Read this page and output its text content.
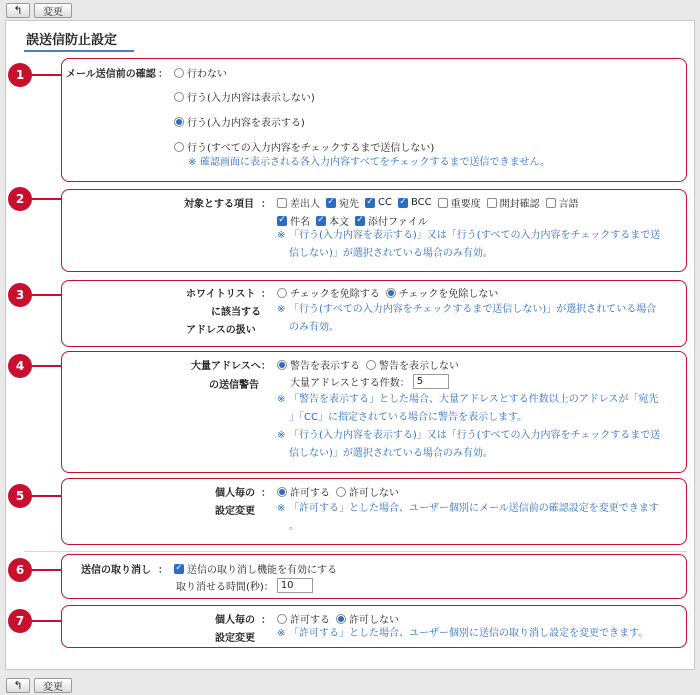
↰	変更
誤送信防止設定
1	メール送信前の確認 ： 行わない
行う(入力内容は表示しない)
行う(入力内容を表示する)
行う(すべての入力内容をチェックするまで送信しない)
※ 確認画面に表示される各入力内容すべてをチェックするまで送信できません。
2	対象とする項目 ： 差出人 ✓ 宛先 ✓ CC ✓ BCC 重要度 開封確認 言語
✓ 件名 ✓ 本文 ✓ 添付ファイル
※ 「行う(入力内容を表示する)」又は「行う(すべての入力内容をチェックするまで送
信しない)」が選択されている場合のみ有効。
3	ホワイトリスト
に該当する
アドレスの扱い
： チェックを免除する チェックを免除しない
※ 「行う(すべての入力内容をチェックするまで送信しない)」が選択されている場合
のみ有効。
4	大量アドレスへ
の送信警告
： 警告を表示する 警告を表示しない
大量アドレスとする件数： 5
※ 「警告を表示する」とした場合、大量アドレスとする件数以上のアドレスが「宛先
」「CC」に指定されている場合に警告を表示します。
※ 「行う(入力内容を表示する)」又は「行う(すべての入力内容をチェックするまで送
信しない)」が選択されている場合のみ有効。
5	個人毎の
設定変更
： 許可する 許可しない
※ 「許可する」とした場合、ユーザー個別にメール送信前の確認設定を変更できます
。
6	送信の取り消し ： ✓ 送信の取り消し機能を有効にする
取り消せる時間(秒)： 10
7	個人毎の
設定変更
： 許可する 許可しない
※ 「許可する」とした場合、ユーザー個別に送信の取り消し設定を変更できます。
↰	変更
